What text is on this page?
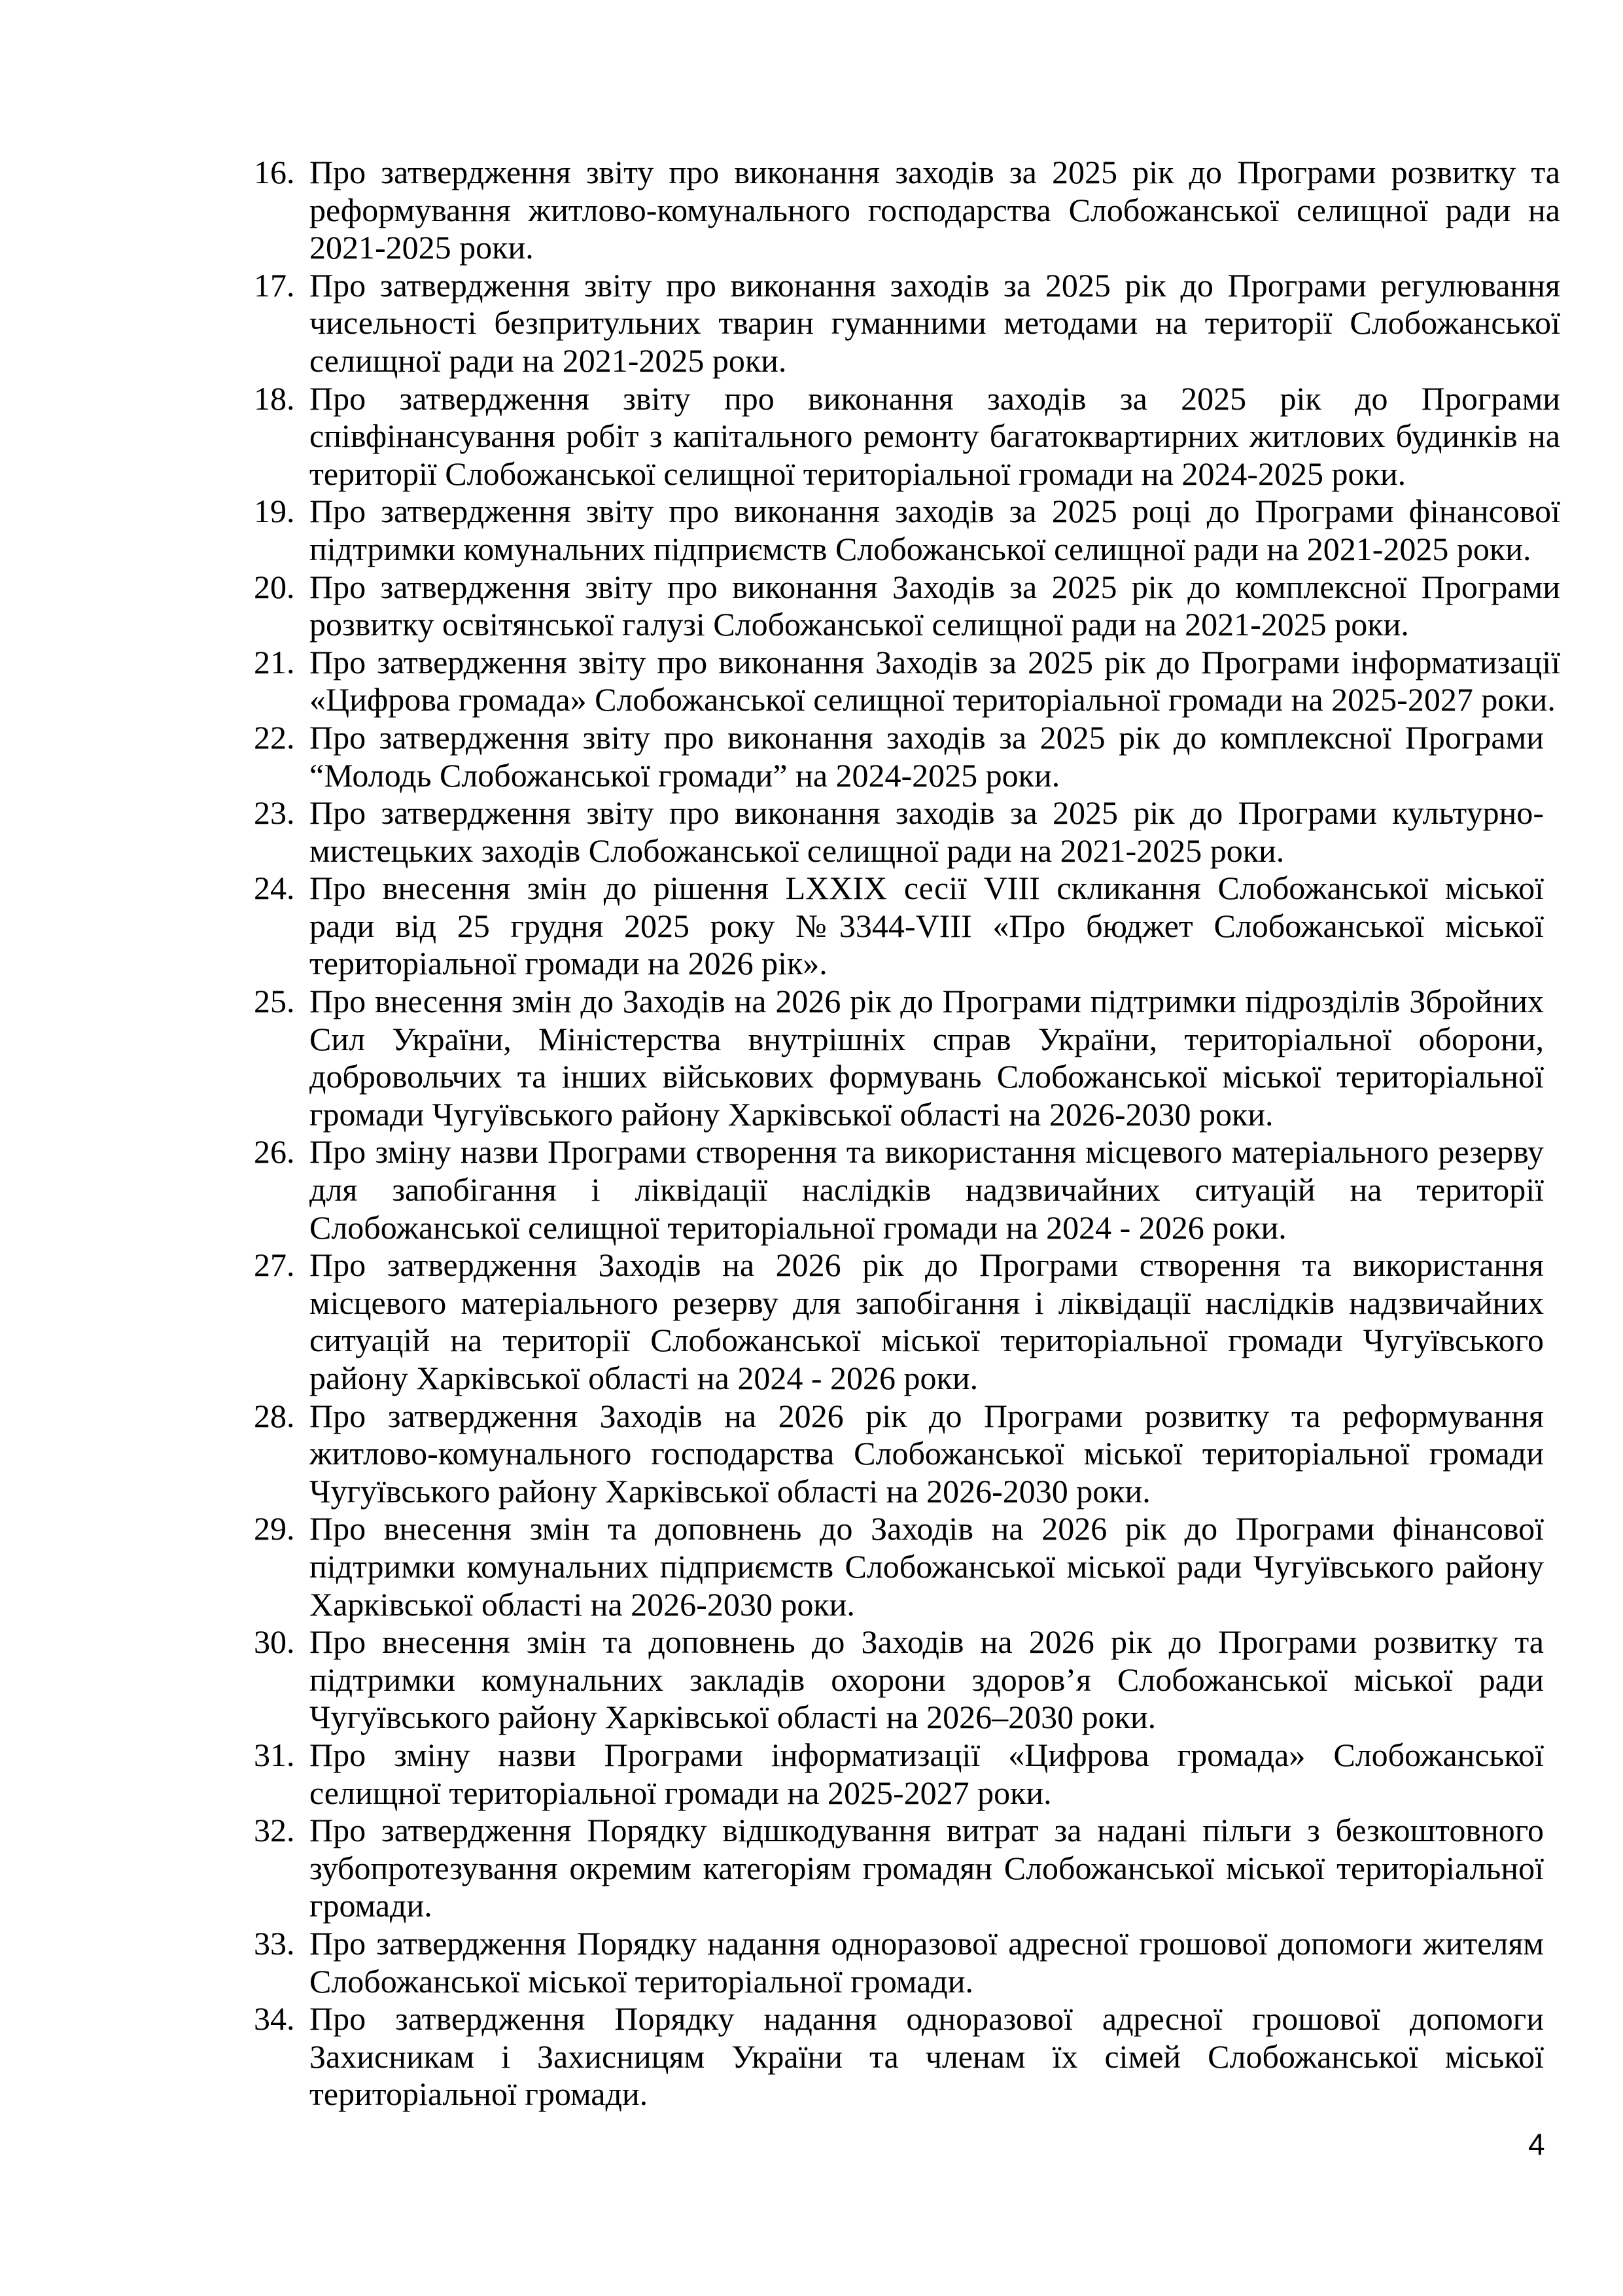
16. Про затвердження звіту про виконання заходів за 2025 рік до Програми розвитку та
реформування житлово-комунального господарства Слобожанської селищної ради на
2021-2025 роки.
17. Про затвердження звіту про виконання заходів за 2025 рік до Програми регулювання
чисельності безпритульних тварин гуманними методами на території Слобожанської
селищної ради на 2021-2025 роки.
18. Про затвердження звіту про виконання заходів за 2025 рік до Програми
співфінансування робіт з капітального ремонту багатоквартирних житлових будинків на
території Слобожанської селищної територіальної громади на 2024-2025 роки.
19. Про затвердження звіту про виконання заходів за 2025 році до Програми фінансової
підтримки комунальних підприємств Слобожанської селищної ради на 2021-2025 роки.
20. Про затвердження звіту про виконання Заходів за 2025 рік до комплексної Програми
розвитку освітянської галузі Слобожанської селищної ради на 2021-2025 роки.
21. Про затвердження звіту про виконання Заходів за 2025 рік до Програми інформатизації
«Цифрова громада» Слобожанської селищної територіальної громади на 2025-2027 роки.
22. Про затвердження звіту про виконання заходів за 2025 рік до комплексної Програми
“Молодь Слобожанської громади” на 2024-2025 роки.
23. Про затвердження звіту про виконання заходів за 2025 рік до Програми культурно-
мистецьких заходів Слобожанської селищної ради на 2021-2025 роки.
24. Про внесення змін до рішення LXXIX сесії VIII скликання Слобожанської міської
ради від 25 грудня 2025 року №3344-VIII «Про бюджет Слобожанської міської
територіальної громади на 2026 рік».
25. Про внесення змін до Заходів на 2026 рік до Програми підтримки підрозділів Збройних
Сил України, Міністерства внутрішніх справ України, територіальної оборони,
добровольчих та інших військових формувань Слобожанської міської територіальної
громади Чугуївського району Харківської області на 2026-2030 роки.
26. Про зміну назви Програми створення та використання місцевого матеріального резерву
для запобігання і ліквідації наслідків надзвичайних ситуацій на території
Слобожанської селищної територіальної громади на 2024 - 2026 роки.
27. Про затвердження Заходів на 2026 рік до Програми створення та використання
місцевого матеріального резерву для запобігання і ліквідації наслідків надзвичайних
ситуацій на території Слобожанської міської територіальної громади Чугуївського
району Харківської області на 2024 - 2026 роки.
28. Про затвердження Заходів на 2026 рік до Програми розвитку та реформування
житлово-комунального господарства Слобожанської міської територіальної громади
Чугуївського району Харківської області на 2026-2030 роки.
29. Про внесення змін та доповнень до Заходів на 2026 рік до Програми фінансової
підтримки комунальних підприємств Слобожанської міської ради Чугуївського району
Харківської області на 2026-2030 роки.
30. Про внесення змін та доповнень до Заходів на 2026 рік до Програми розвитку та
підтримки комунальних закладів охорони здоров’я Слобожанської міської ради
Чугуївського району Харківської області на 2026–2030 роки.
31. Про зміну назви Програми інформатизації «Цифрова громада» Слобожанської
селищної територіальної громади на 2025-2027 роки.
32. Про затвердження Порядку відшкодування витрат за надані пільги з безкоштовного
зубопротезування окремим категоріям громадян Слобожанської міської територіальної
громади.
33. Про затвердження Порядку надання одноразової адресної грошової допомоги жителям
Слобожанської міської територіальної громади.
34. Про затвердження Порядку надання одноразової адресної грошової допомоги
Захисникам і Захисницям України та членам їх сімей Слобожанської міської
територіальної громади.
4
